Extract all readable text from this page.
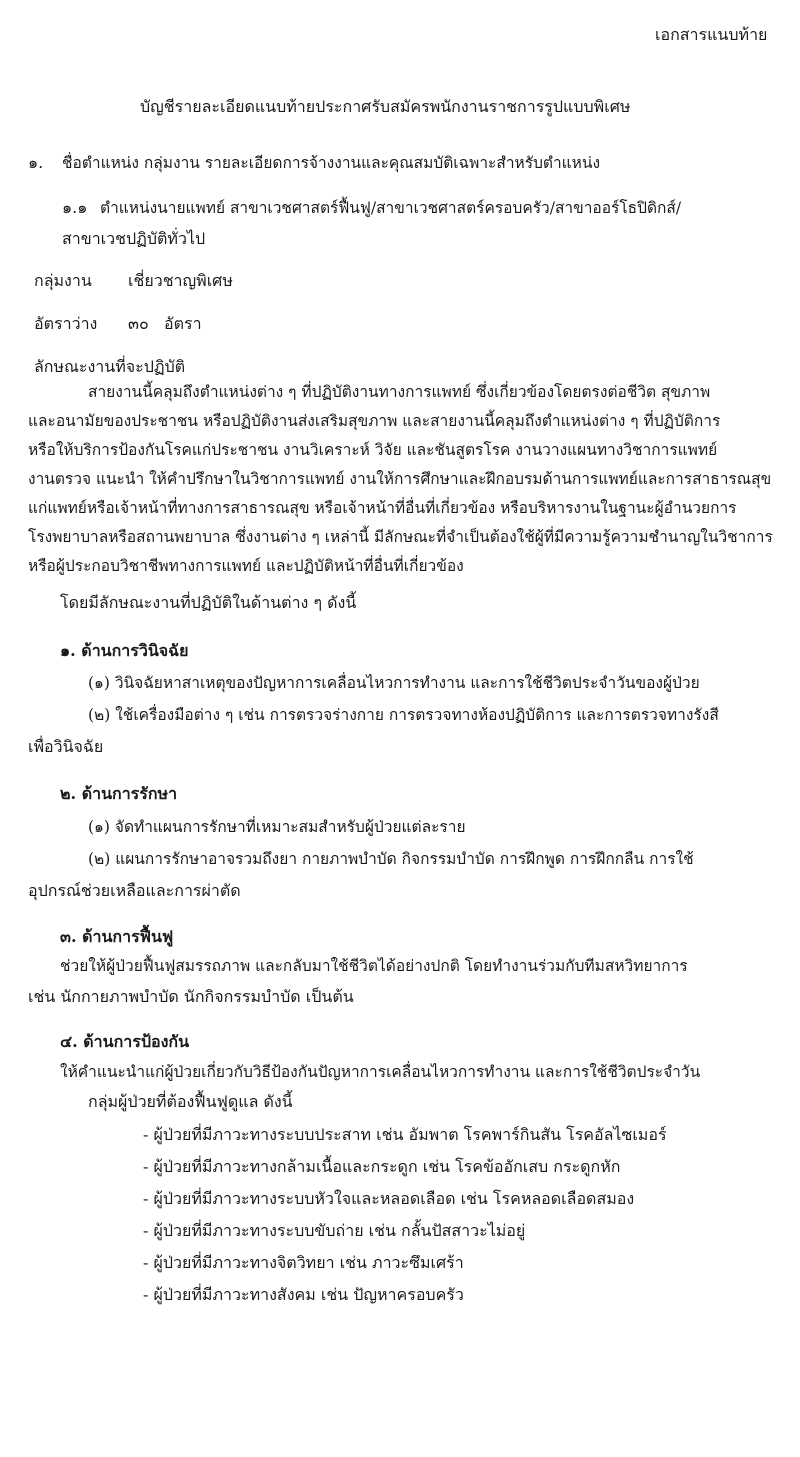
เอกสารแนบท้าย
บัญชีรายละเอียดแนบท้ายประกาศรับสมัครพนักงานราชการรูปแบบพิเศษ
๑. ชื่อตำแหน่ง กลุ่มงาน รายละเอียดการจ้างงานและคุณสมบัติเฉพาะสำหรับตำแหน่ง
๑.๑ ตำแหน่งนายแพทย์ สาขาเวชศาสตร์ฟื้นฟู/สาขาเวชศาสตร์ครอบครัว/สาขาออร์โธปิดิกส์/
สาขาเวชปฏิบัติทั่วไป
กลุ่มงาน เชี่ยวชาญพิเศษ
อัตราว่าง ๓๐ อัตรา
ลักษณะงานที่จะปฏิบัติ
สายงานนี้คลุมถึงตำแหน่งต่าง ๆ ที่ปฏิบัติงานทางการแพทย์ ซึ่งเกี่ยวข้องโดยตรงต่อชีวิต สุขภาพ
และอนามัยของประชาชน หรือปฏิบัติงานส่งเสริมสุขภาพ และสายงานนี้คลุมถึงตำแหน่งต่าง ๆ ที่ปฏิบัติการ
หรือให้บริการป้องกันโรคแก่ประชาชน งานวิเคราะห์ วิจัย และชันสูตรโรค งานวางแผนทางวิชาการแพทย์
งานตรวจ แนะนำ ให้คำปรึกษาในวิชาการแพทย์ งานให้การศึกษาและฝึกอบรมด้านการแพทย์และการสาธารณสุข
แก่แพทย์หรือเจ้าหน้าที่ทางการสาธารณสุข หรือเจ้าหน้าที่อื่นที่เกี่ยวข้อง หรือบริหารงานในฐานะผู้อำนวยการ
โรงพยาบาลหรือสถานพยาบาล ซึ่งงานต่าง ๆ เหล่านี้ มีลักษณะที่จำเป็นต้องใช้ผู้ที่มีความรู้ความชำนาญในวิชาการ
หรือผู้ประกอบวิชาชีพทางการแพทย์ และปฏิบัติหน้าที่อื่นที่เกี่ยวข้อง
โดยมีลักษณะงานที่ปฏิบัติในด้านต่าง ๆ ดังนี้
๑. ด้านการวินิจฉัย
(๑) วินิจฉัยหาสาเหตุของปัญหาการเคลื่อนไหวการทำงาน และการใช้ชีวิตประจำวันของผู้ป่วย
(๒) ใช้เครื่องมือต่าง ๆ เช่น การตรวจร่างกาย การตรวจทางห้องปฏิบัติการ และการตรวจทางรังสี
เพื่อวินิจฉัย
๒. ด้านการรักษา
(๑) จัดทำแผนการรักษาที่เหมาะสมสำหรับผู้ป่วยแต่ละราย
(๒) แผนการรักษาอาจรวมถึงยา กายภาพบำบัด กิจกรรมบำบัด การฝึกพูด การฝึกกลืน การใช้
อุปกรณ์ช่วยเหลือและการผ่าตัด
๓. ด้านการฟื้นฟู
ช่วยให้ผู้ป่วยฟื้นฟูสมรรถภาพ และกลับมาใช้ชีวิตได้อย่างปกติ โดยทำงานร่วมกับทีมสหวิทยาการ
เช่น นักกายภาพบำบัด นักกิจกรรมบำบัด เป็นต้น
๔. ด้านการป้องกัน
ให้คำแนะนำแก่ผู้ป่วยเกี่ยวกับวิธีป้องกันปัญหาการเคลื่อนไหวการทำงาน และการใช้ชีวิตประจำวัน
กลุ่มผู้ป่วยที่ต้องฟื้นฟูดูแล ดังนี้
- ผู้ป่วยที่มีภาวะทางระบบประสาท เช่น อัมพาต โรคพาร์กินสัน โรคอัลไซเมอร์
- ผู้ป่วยที่มีภาวะทางกล้ามเนื้อและกระดูก เช่น โรคข้ออักเสบ กระดูกหัก
- ผู้ป่วยที่มีภาวะทางระบบหัวใจและหลอดเลือด เช่น โรคหลอดเลือดสมอง
- ผู้ป่วยที่มีภาวะทางระบบขับถ่าย เช่น กลั้นปัสสาวะไม่อยู่
- ผู้ป่วยที่มีภาวะทางจิตวิทยา เช่น ภาวะซึมเศร้า
- ผู้ป่วยที่มีภาวะทางสังคม เช่น ปัญหาครอบครัว
